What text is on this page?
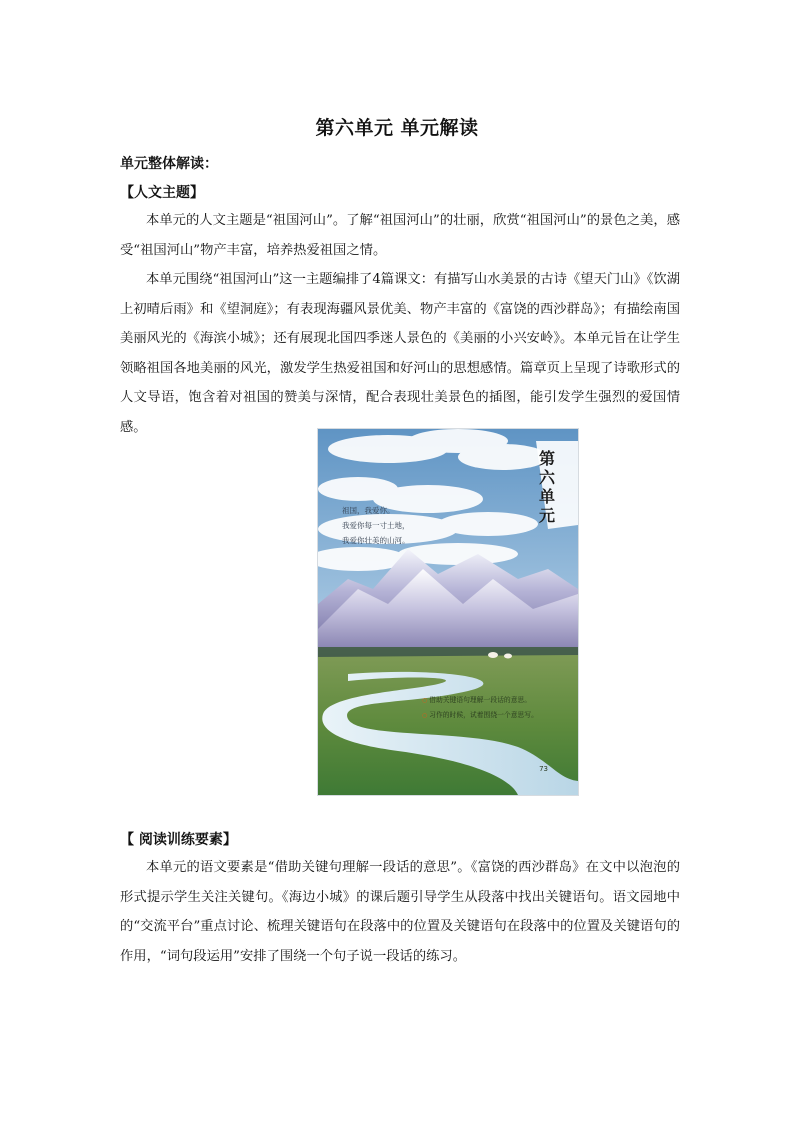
第六单元 单元解读
单元整体解读：
【人文主题】
本单元的人文主题是“祖国河山”。了解“祖国河山”的壮丽，欣赏“祖国河山”的景色之美，感受“祖国河山”物产丰富，培养热爱祖国之情。
本单元围绕“祖国河山”这一主题编排了4篇课文：有描写山水美景的古诗《望天门山》《饮湖上初晴后雨》和《望洞庭》；有表现海疆风景优美、物产丰富的《富饶的西沙群岛》；有描绘南国美丽风光的《海滨小城》；还有展现北国四季迷人景色的《美丽的小兴安岭》。本单元旨在让学生领略祖国各地美丽的风光，激发学生热爱祖国和好河山的思想感情。篇章页上呈现了诗歌形式的人文导语，饱含着对祖国的赞美与深情，配合表现壮美景色的插图，能引发学生强烈的爱国情感。
第
六
单
元
祖国，我爱你。
我爱你每一寸土地，
我爱你壮美的山河。
○ 借助关键语句理解一段话的意思。
○ 习作的时候，试着围绕一个意思写。
73
【 阅读训练要素】
本单元的语文要素是“借助关键句理解一段话的意思”。《富饶的西沙群岛》在文中以泡泡的形式提示学生关注关键句。《海边小城》的课后题引导学生从段落中找出关键语句。语文园地中的“交流平台”重点讨论、梳理关键语句在段落中的位置及关键语句在段落中的位置及关键语句的作用，“词句段运用”安排了围绕一个句子说一段话的练习。
